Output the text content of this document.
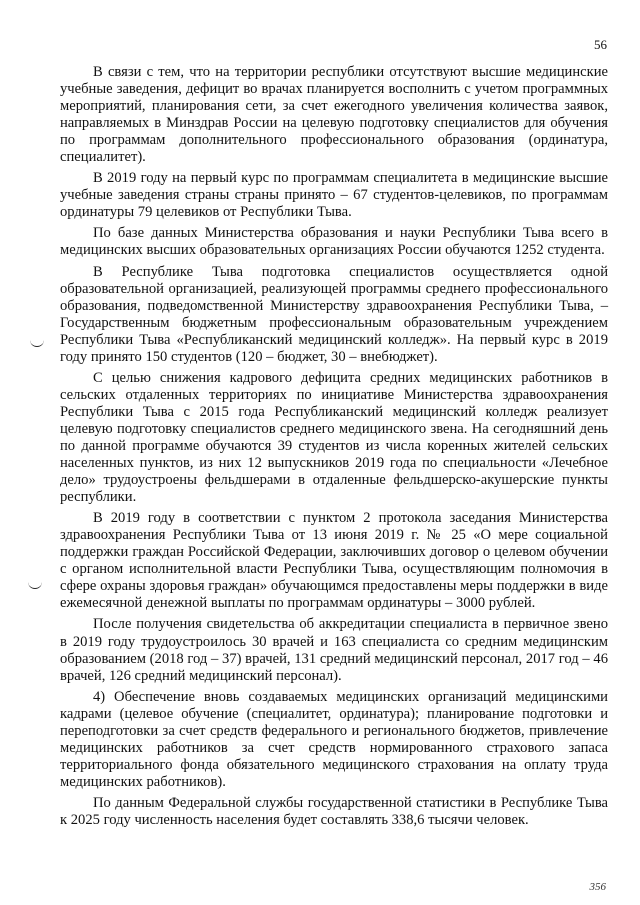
56

В связи с тем, что на территории республики отсутствуют высшие медицинские учебные заведения, дефицит во врачах планируется восполнить с учетом программных мероприятий, планирования сети, за счет ежегодного увеличения количества заявок, направляемых в Минздрав России на целевую подготовку специалистов для обучения по программам дополнительного профессионального образования (ординатура, специалитет).

В 2019 году на первый курс по программам специалитета в медицинские высшие учебные заведения страны страны принято – 67 студентов-целевиков, по программам ординатуры 79 целевиков от Республики Тыва.

По базе данных Министерства образования и науки Республики Тыва всего в медицинских высших образовательных организациях России обучаются 1252 студента.

В Республике Тыва подготовка специалистов осуществляется одной образовательной организацией, реализующей программы среднего профессионального образования, подведомственной Министерству здравоохранения Республики Тыва, – Государственным бюджетным профессиональным образовательным учреждением Республики Тыва «Республиканский медицинский колледж». На первый курс в 2019 году принято 150 студентов (120 – бюджет, 30 – внебюджет).

С целью снижения кадрового дефицита средних медицинских работников в сельских отдаленных территориях по инициативе Министерства здравоохранения Республики Тыва с 2015 года Республиканский медицинский колледж реализует целевую подготовку специалистов среднего медицинского звена. На сегодняшний день по данной программе обучаются 39 студентов из числа коренных жителей сельских населенных пунктов, из них 12 выпускников 2019 года по специальности «Лечебное дело» трудоустроены фельдшерами в отдаленные фельдшерско-акушерские пункты республики.

В 2019 году в соответствии с пунктом 2 протокола заседания Министерства здравоохранения Республики Тыва от 13 июня 2019 г. № 25 «О мере социальной поддержки граждан Российской Федерации, заключивших договор о целевом обучении с органом исполнительной власти Республики Тыва, осуществляющим полномочия в сфере охраны здоровья граждан» обучающимся предоставлены меры поддержки в виде ежемесячной денежной выплаты по программам ординатуры – 3000 рублей.

После получения свидетельства об аккредитации специалиста в первичное звено в 2019 году трудоустроилось 30 врачей и 163 специалиста со средним медицинским образованием (2018 год – 37) врачей, 131 средний медицинский персонал, 2017 год – 46 врачей, 126 средний медицинский персонал).

4) Обеспечение вновь создаваемых медицинских организаций медицинскими кадрами (целевое обучение (специалитет, ординатура); планирование подготовки и переподготовки за счет средств федерального и регионального бюджетов, привлечение медицинских работников за счет средств нормированного страхового запаса территориального фонда обязательного медицинского страхования на оплату труда медицинских работников).

По данным Федеральной службы государственной статистики в Республике Тыва к 2025 году численность населения будет составлять 338,6 тысячи человек.

356
